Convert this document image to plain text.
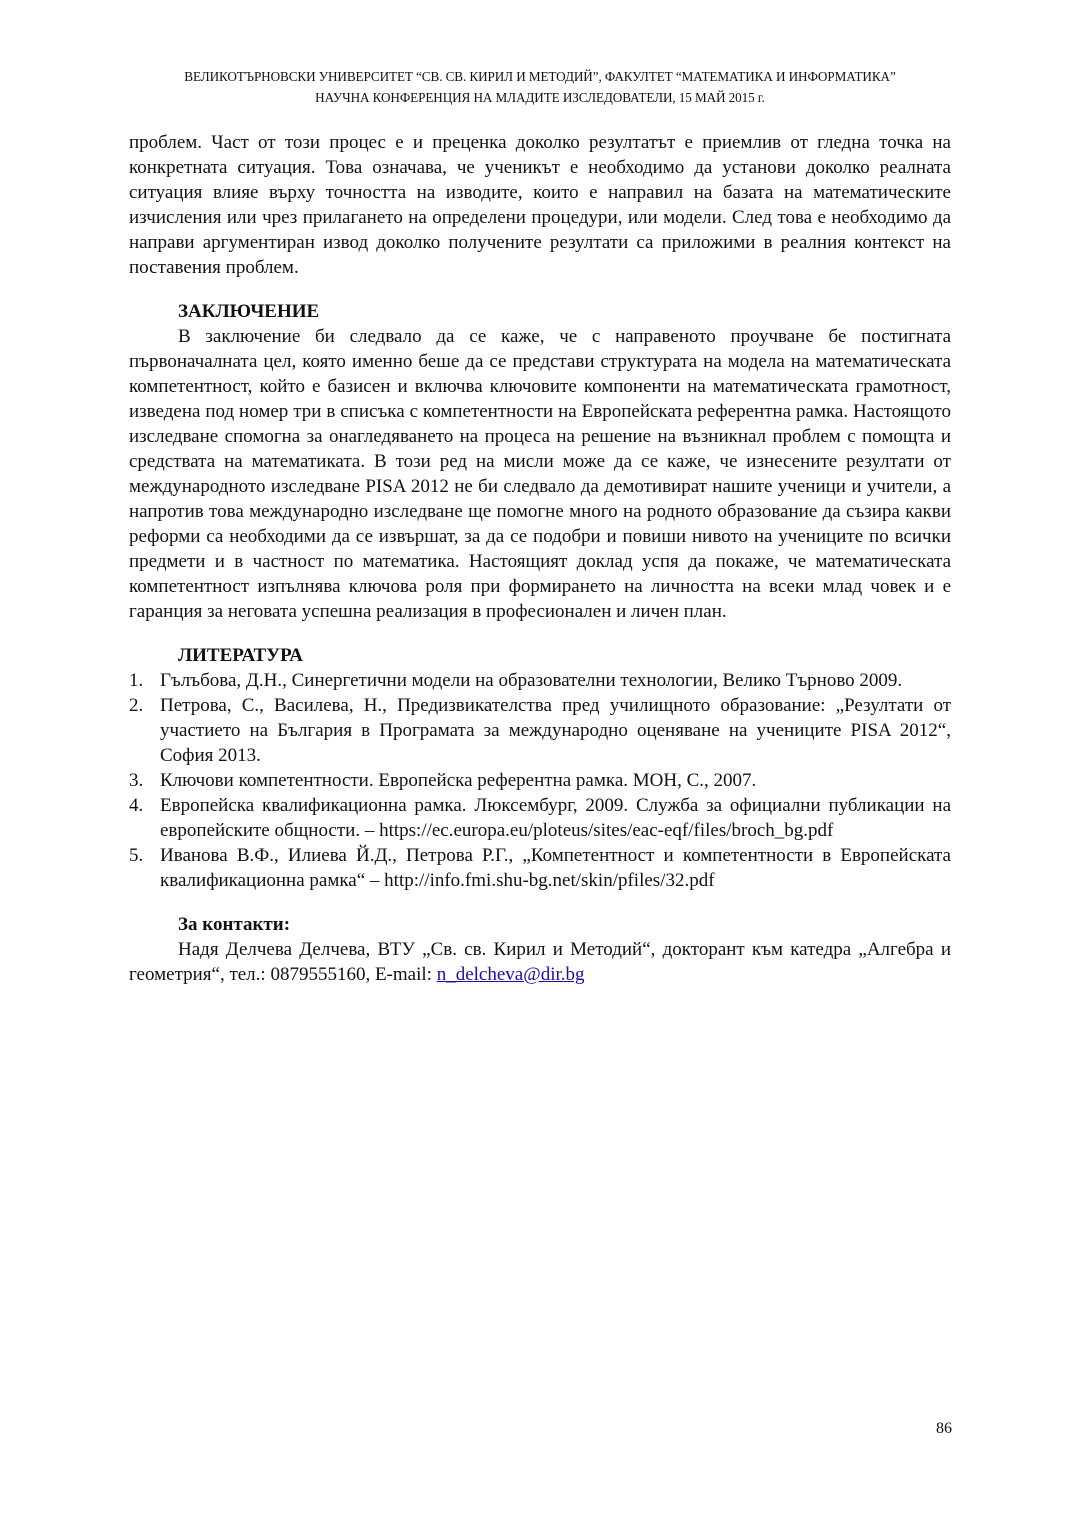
ВЕЛИКОТЪРНОВСКИ УНИВЕРСИТЕТ “СВ. СВ. КИРИЛ И МЕТОДИЙ”, ФАКУЛТЕТ “МАТЕМАТИКА И ИНФОРМАТИКА”
НАУЧНА КОНФЕРЕНЦИЯ НА МЛАДИТЕ ИЗСЛЕДОВАТЕЛИ, 15 МАЙ 2015 г.

проблем. Част от този процес е и преценка доколко резултатът е приемлив от гледна точка на конкретната ситуация. Това означава, че ученикът е необходимо да установи доколко реалната ситуация влияе върху точността на изводите, които е направил на базата на математическите изчисления или чрез прилагането на определени процедури, или модели. След това е необходимо да направи аргументиран извод доколко получените резултати са приложими в реалния контекст на поставения проблем.

ЗАКЛЮЧЕНИЕ

В заключение би следвало да се каже, че с направеното проучване бе постигната първоначалната цел, която именно беше да се представи структурата на модела на математическата компетентност, който е базисен и включва ключовите компоненти на математическата грамотност, изведена под номер три в списъка с компетентности на Европейската референтна рамка. Настоящото изследване спомогна за онагледяването на процеса на решение на възникнал проблем с помощта и средствата на математиката. В този ред на мисли може да се каже, че изнесените резултати от международното изследване PISA 2012 не би следвало да демотивират нашите ученици и учители, а напротив това международно изследване ще помогне много на родното образование да съзира какви реформи са необходими да се извършат, за да се подобри и повиши нивото на учениците по всички предмети и в частност по математика. Настоящият доклад успя да покаже, че математическата компетентност изпълнява ключова роля при формирането на личността на всеки млад човек и е гаранция за неговата успешна реализация в професионален и личен план.

ЛИТЕРАТУРА

1. Гълъбова, Д.Н., Синергетични модели на образователни технологии, Велико Търново 2009.
2. Петрова, С., Василева, Н., Предизвикателства пред училищното образование: „Резултати от участието на България в Програмата за международно оценяване на учениците PISA 2012“, София 2013.
3. Ключови компетентности. Европейска референтна рамка. МОН, С., 2007.
4. Европейска квалификационна рамка. Люксембург, 2009. Служба за официални публикации на европейските общности. – https://ec.europa.eu/ploteus/sites/eac-eqf/files/broch_bg.pdf
5. Иванова В.Ф., Илиева Й.Д., Петрова Р.Г., „Компетентност и компетентности в Европейската квалификационна рамка“ – http://info.fmi.shu-bg.net/skin/pfiles/32.pdf

За контакти:

Надя Делчева Делчева, ВТУ „Св. св. Кирил и Методий“, докторант към катедра „Алгебра и геометрия“, тел.: 0879555160, E-mail: n_delcheva@dir.bg

86
